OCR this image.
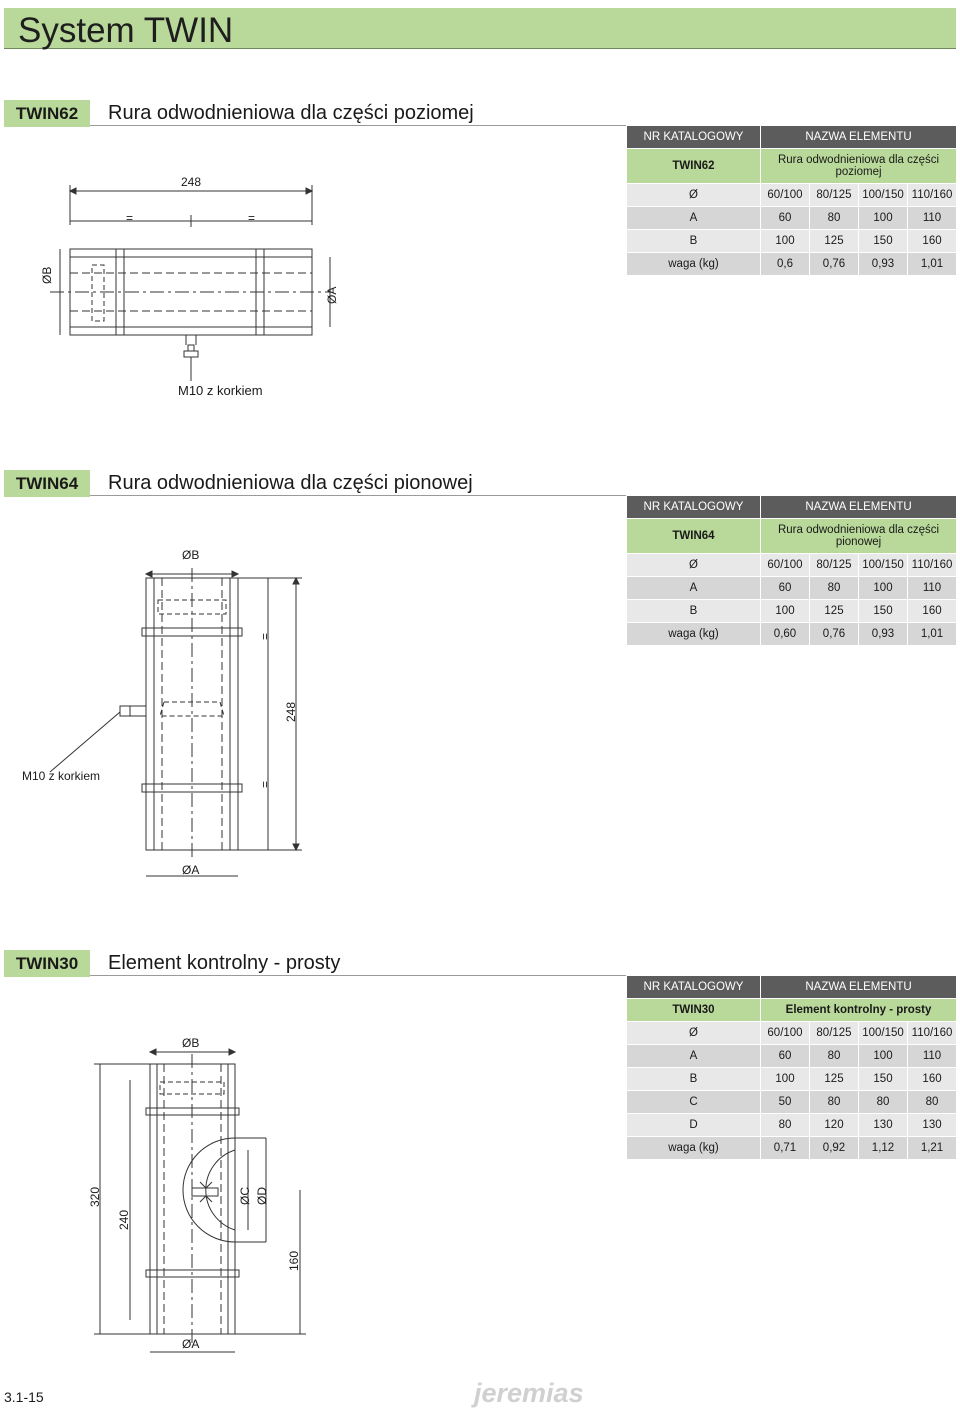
System TWIN
TWIN62	Rura odwodnieniowa dla części poziomej
NR KATALOGOWY	NAZWA ELEMENTU			
TWIN62	Rura odwodnieniowa dla części poziomej			
Ø	60/100	80/125	100/150	110/160
A	60	80	100	110
B	100	125	150	160
waga (kg)	0,6	0,76	0,93	1,01
248
=	=
ØB
ØA
M10 z korkiem
TWIN64	Rura odwodnieniowa dla części pionowej
NR KATALOGOWY	NAZWA ELEMENTU			
TWIN64	Rura odwodnieniowa dla części pionowej			
Ø	60/100	80/125	100/150	110/160
A	60	80	100	110
B	100	125	150	160
waga (kg)	0,60	0,76	0,93	1,01
ØB
ØA
248
=
=
M10 z korkiem
TWIN30	Element kontrolny - prosty
NR KATALOGOWY	NAZWA ELEMENTU			
TWIN30	Element kontrolny - prosty			
Ø	60/100	80/125	100/150	110/160
A	60	80	100	110
B	100	125	150	160
C	50	80	80	80
D	80	120	130	130
waga (kg)	0,71	0,92	1,12	1,21
ØB
ØA
ØC ØD
320
240
160
3.1-15	jeremias
